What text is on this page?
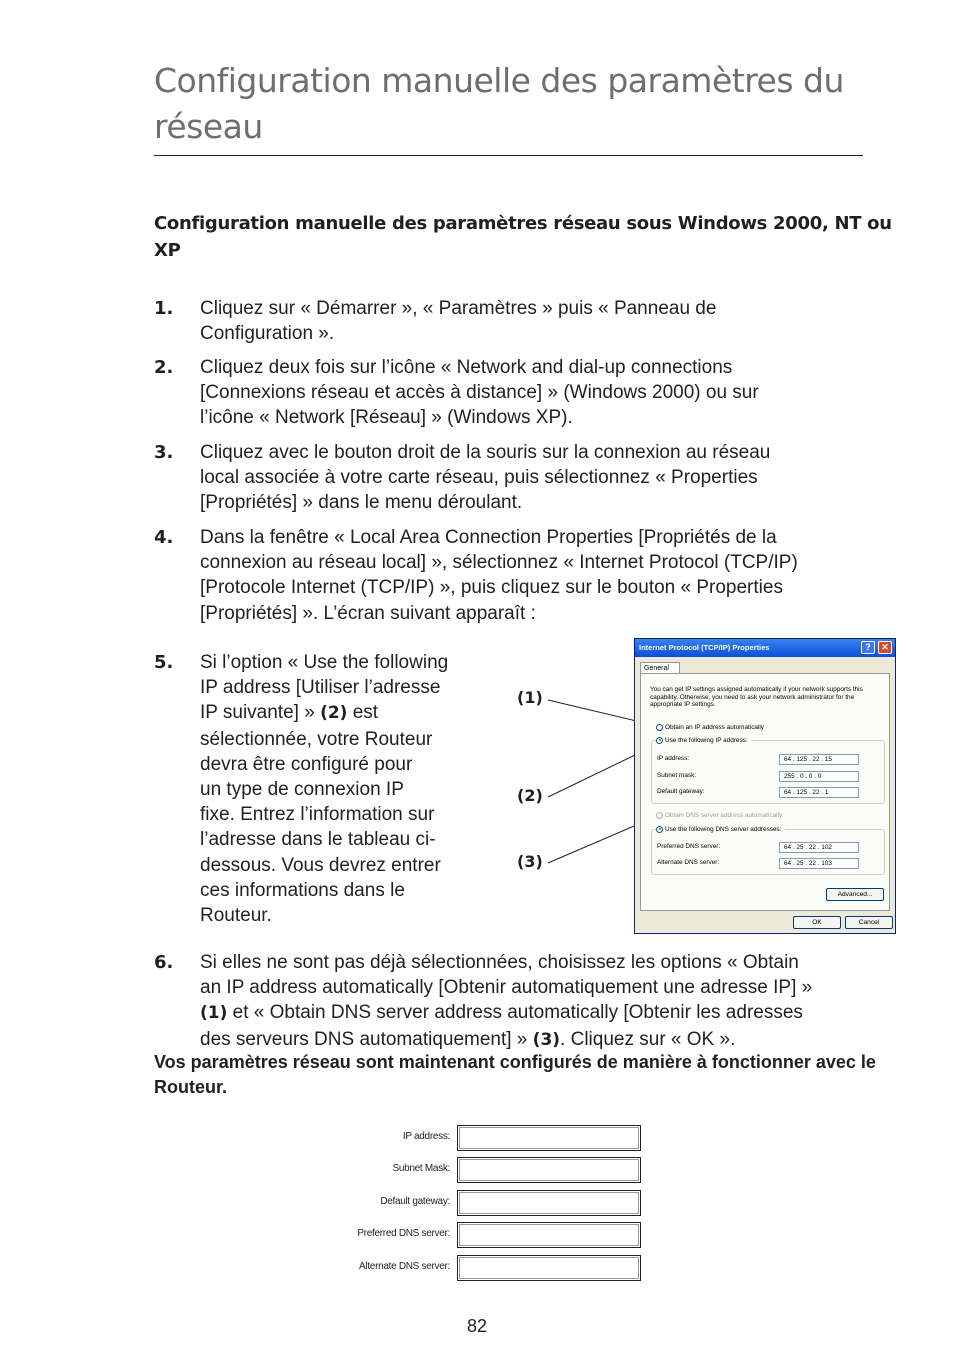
Configuration manuelle des paramètres du réseau
Configuration manuelle des paramètres réseau sous Windows 2000, NT ou XP
1. Cliquez sur « Démarrer », « Paramètres » puis « Panneau de
Configuration ».
2. Cliquez deux fois sur l’icône « Network and dial-up connections
[Connexions réseau et accès à distance] » (Windows 2000) ou sur
l’icône « Network [Réseau] » (Windows XP).
3. Cliquez avec le bouton droit de la souris sur la connexion au réseau
local associée à votre carte réseau, puis sélectionnez « Properties
[Propriétés] » dans le menu déroulant.
4. Dans la fenêtre « Local Area Connection Properties [Propriétés de la
connexion au réseau local] », sélectionnez « Internet Protocol (TCP/IP)
[Protocole Internet (TCP/IP) », puis cliquez sur le bouton « Properties
[Propriétés] ». L’écran suivant apparaît :
5. Si l’option « Use the following
IP address [Utiliser l’adresse
IP suivante] » (2) est
sélectionnée, votre Routeur
devra être configuré pour
un type de connexion IP
fixe. Entrez l’information sur
l’adresse dans le tableau ci-
dessous. Vous devrez entrer
ces informations dans le
Routeur.
(1)
(2)
(3)
Internet Protocol (TCP/IP) Properties	?	✕
General
You can get IP settings assigned automatically if your network supports this capability. Otherwise, you need to ask your network administrator for the appropriate IP settings.
Obtain an IP address automatically
Use the following IP address:
IP address:	64 . 125 . 22 . 15
Subnet mask:	255 . 0 . 0 . 0
Default gateway:	64 . 125 . 22 . 1
Obtain DNS server address automatically
Use the following DNS server addresses:
Preferred DNS server:	64 . 25 . 22 . 102
Alternate DNS server:	64 . 25 . 22 . 103
Advanced...
OK	Cancel
6. Si elles ne sont pas déjà sélectionnées, choisissez les options « Obtain
an IP address automatically [Obtenir automatiquement une adresse IP] »
(1) et « Obtain DNS server address automatically [Obtenir les adresses
des serveurs DNS automatiquement] » (3). Cliquez sur « OK ».
Vos paramètres réseau sont maintenant configurés de manière à fonctionner avec le Routeur.
IP address:
Subnet Mask:
Default gateway:
Preferred DNS server:
Alternate DNS server:
82
